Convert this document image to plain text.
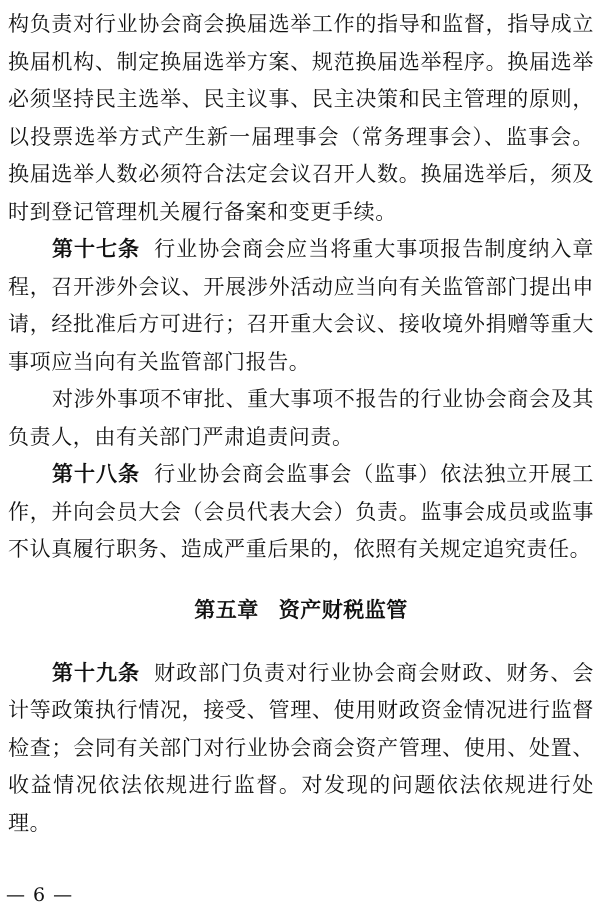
构负责对行业协会商会换届选举工作的指导和监督，指导成立换届机构、制定换届选举方案、规范换届选举程序。换届选举必须坚持民主选举、民主议事、民主决策和民主管理的原则，以投票选举方式产生新一届理事会（常务理事会）、监事会。换届选举人数必须符合法定会议召开人数。换届选举后，须及时到登记管理机关履行备案和变更手续。

第十七条 行业协会商会应当将重大事项报告制度纳入章程，召开涉外会议、开展涉外活动应当向有关监管部门提出申请，经批准后方可进行；召开重大会议、接收境外捐赠等重大事项应当向有关监管部门报告。

对涉外事项不审批、重大事项不报告的行业协会商会及其负责人，由有关部门严肃追责问责。

第十八条 行业协会商会监事会（监事）依法独立开展工作，并向会员大会（会员代表大会）负责。监事会成员或监事不认真履行职务、造成严重后果的，依照有关规定追究责任。

第五章 资产财税监管

第十九条 财政部门负责对行业协会商会财政、财务、会计等政策执行情况，接受、管理、使用财政资金情况进行监督检查；会同有关部门对行业协会商会资产管理、使用、处置、收益情况依法依规进行监督。对发现的问题依法依规进行处理。

— 6 —
